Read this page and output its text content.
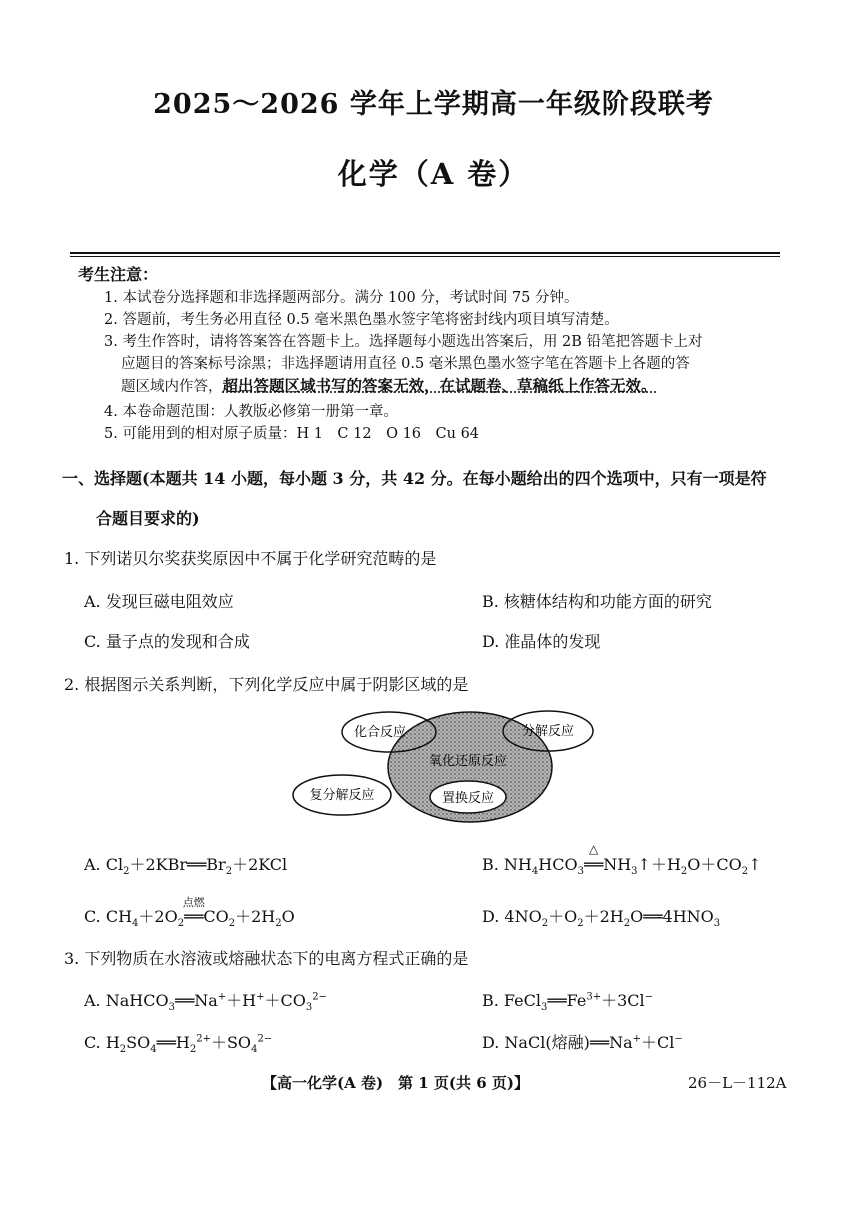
2025～2026 学年上学期高一年级阶段联考
化学（A 卷）
考生注意：
1. 本试卷分选择题和非选择题两部分。满分 100 分，考试时间 75 分钟。
2. 答题前，考生务必用直径 0.5 毫米黑色墨水签字笔将密封线内项目填写清楚。
3. 考生作答时，请将答案答在答题卡上。选择题每小题选出答案后，用 2B 铅笔把答题卡上对
应题目的答案标号涂黑；非选择题请用直径 0.5 毫米黑色墨水签字笔在答题卡上各题的答
题区域内作答，超出答题区域书写的答案无效，在试题卷、草稿纸上作答无效。
4. 本卷命题范围：人教版必修第一册第一章。
5. 可能用到的相对原子质量：H 1　C 12　O 16　Cu 64
一、选择题(本题共 14 小题，每小题 3 分，共 42 分。在每小题给出的四个选项中，只有一项是符
合题目要求的)
1. 下列诺贝尔奖获奖原因中不属于化学研究范畴的是
A. 发现巨磁电阻效应	B. 核糖体结构和功能方面的研究
C. 量子点的发现和合成	D. 准晶体的发现
2. 根据图示关系判断，下列化学反应中属于阴影区域的是
化合反应	分解反应
氧化还原反应
复分解反应	置换反应
A. $Cl_2+2KBr══Br_2+2KCl$	B. $NH_4HCO_3$
△
$══NH_3↑+H_2O+CO_2↑$
C. $CH_4+2O_2$
点燃
$══CO_2+2H_2O$	D. $4NO_2+O_2+2H_2O══4HNO_3$
3. 下列物质在水溶液或熔融状态下的电离方程式正确的是
A. $NaHCO_3══Na^++H^++CO_3^{2-}$	B. $FeCl_3══Fe^{3+}+3Cl^-$
C. $H_2SO_4══H_2^{2+}+SO_4^{2-}$	D. NaCl(熔融)══Na+＋Cl−
【高一化学(A 卷)　第 1 页(共 6 页)】	26－L－112A
